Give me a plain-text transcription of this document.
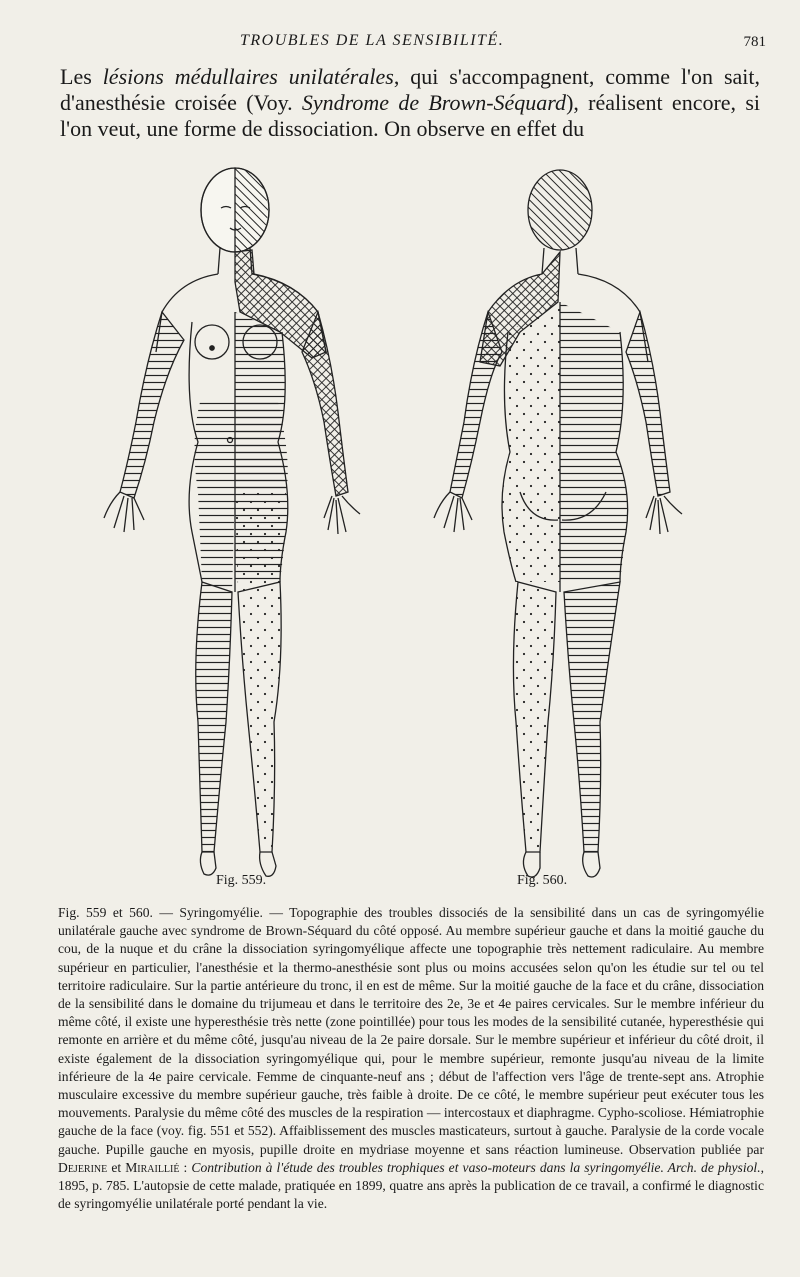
TROUBLES DE LA SENSIBILITÉ.	781

Les lésions médullaires unilatérales, qui s'accompagnent, comme l'on sait, d'anesthésie croisée (Voy. Syndrome de Brown-Séquard), réalisent encore, si l'on veut, une forme de dissociation. On observe en effet du

Fig. 559.	Fig. 560.

Fig. 559 et 560. — Syringomyélie. — Topographie des troubles dissociés de la sensibilité dans un cas de syringomyélie unilatérale gauche avec syndrome de Brown-Séquard du côté opposé. Au membre supérieur gauche et dans la moitié gauche du cou, de la nuque et du crâne la dissociation syringomyélique affecte une topographie très nettement radiculaire. Au membre supérieur en particulier, l'anesthésie et la thermo-anesthésie sont plus ou moins accusées selon qu'on les étudie sur tel ou tel territoire radiculaire. Sur la partie antérieure du tronc, il en est de même. Sur la moitié gauche de la face et du crâne, dissociation de la sensibilité dans le domaine du trijumeau et dans le territoire des 2e, 3e et 4e paires cervicales. Sur le membre inférieur du même côté, il existe une hyperesthésie très nette (zone pointillée) pour tous les modes de la sensibilité cutanée, hyperesthésie qui remonte en arrière et du même côté, jusqu'au niveau de la 2e paire dorsale. Sur le membre supérieur et inférieur du côté droit, il existe également de la dissociation syringomyélique qui, pour le membre supérieur, remonte jusqu'au niveau de la limite inférieure de la 4e paire cervicale. Femme de cinquante-neuf ans ; début de l'affection vers l'âge de trente-sept ans. Atrophie musculaire excessive du membre supérieur gauche, très faible à droite. De ce côté, le membre supérieur peut exécuter tous les mouvements. Paralysie du même côté des muscles de la respiration — intercostaux et diaphragme. Cypho-scoliose. Hémiatrophie gauche de la face (voy. fig. 551 et 552). Affaiblissement des muscles masticateurs, surtout à gauche. Paralysie de la corde vocale gauche. Pupille gauche en myosis, pupille droite en mydriase moyenne et sans réaction lumineuse. Observation publiée par Dejerine et Miraillié : Contribution à l'étude des troubles trophiques et vaso-moteurs dans la syringomyélie. Arch. de physiol., 1895, p. 785. L'autopsie de cette malade, pratiquée en 1899, quatre ans après la publication de ce travail, a confirmé le diagnostic de syringomyélie unilatérale porté pendant la vie.
